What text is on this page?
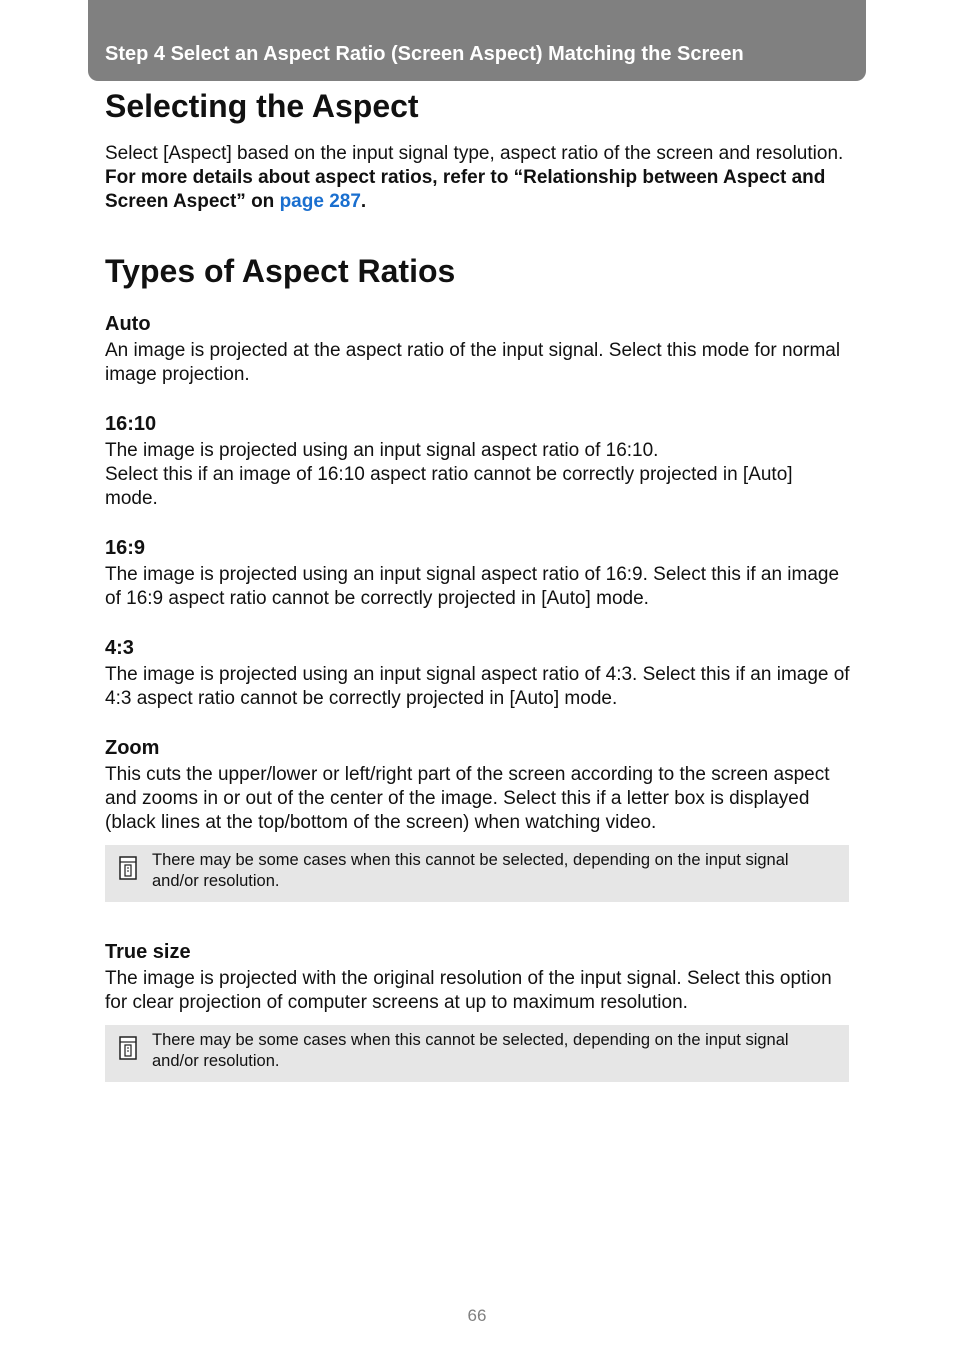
Step 4 Select an Aspect Ratio (Screen Aspect) Matching the Screen
Selecting the Aspect

Select [Aspect] based on the input signal type, aspect ratio of the screen and resolution.

For more details about aspect ratios, refer to “Relationship between Aspect and Screen Aspect” on page 287.

Types of Aspect Ratios
Auto

An image is projected at the aspect ratio of the input signal. Select this mode for normal image projection.

16:10

The image is projected using an input signal aspect ratio of 16:10.

Select this if an image of 16:10 aspect ratio cannot be correctly projected in [Auto] mode.

16:9

The image is projected using an input signal aspect ratio of 16:9. Select this if an image of 16:9 aspect ratio cannot be correctly projected in [Auto] mode.

4:3

The image is projected using an input signal aspect ratio of 4:3. Select this if an image of 4:3 aspect ratio cannot be correctly projected in [Auto] mode.

Zoom

This cuts the upper/lower or left/right part of the screen according to the screen aspect and zooms in or out of the center of the image. Select this if a letter box is displayed (black lines at the top/bottom of the screen) when watching video.

There may be some cases when this cannot be selected, depending on the input signal and/or resolution.
True size

The image is projected with the original resolution of the input signal. Select this option for clear projection of computer screens at up to maximum resolution.

There may be some cases when this cannot be selected, depending on the input signal and/or resolution.
66
